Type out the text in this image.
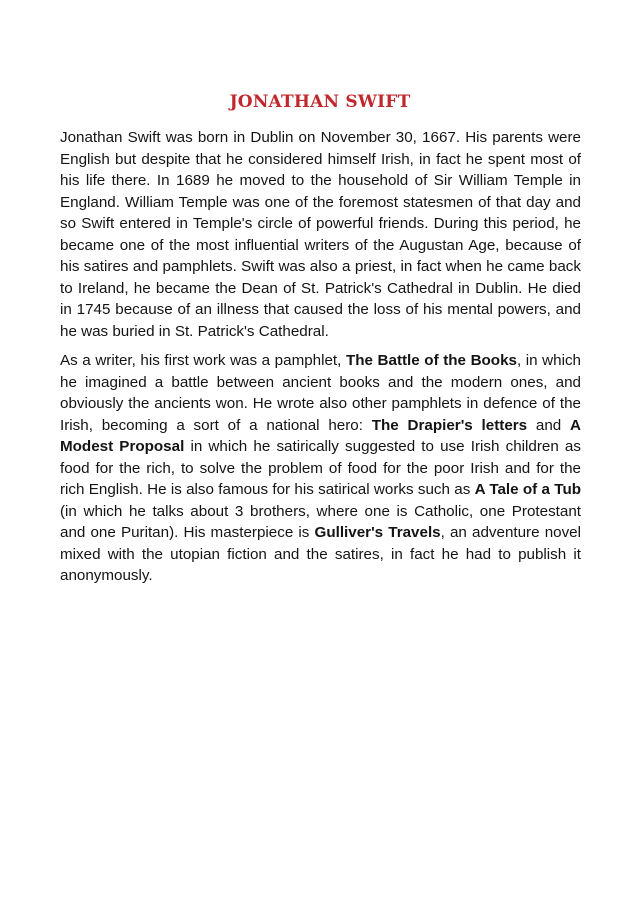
JONATHAN SWIFT

Jonathan Swift was born in Dublin on November 30, 1667. His parents were English but despite that he considered himself Irish, in fact he spent most of his life there. In 1689 he moved to the household of Sir William Temple in England. William Temple was one of the foremost statesmen of that day and so Swift entered in Temple's circle of powerful friends. During this period, he became one of the most influential writers of the Augustan Age, because of his satires and pamphlets. Swift was also a priest, in fact when he came back to Ireland, he became the Dean of St. Patrick's Cathedral in Dublin. He died in 1745 because of an illness that caused the loss of his mental powers, and he was buried in St. Patrick's Cathedral.

As a writer, his first work was a pamphlet, The Battle of the Books, in which he imagined a battle between ancient books and the modern ones, and obviously the ancients won. He wrote also other pamphlets in defence of the Irish, becoming a sort of a national hero: The Drapier's letters and A Modest Proposal in which he satirically suggested to use Irish children as food for the rich, to solve the problem of food for the poor Irish and for the rich English. He is also famous for his satirical works such as A Tale of a Tub (in which he talks about 3 brothers, where one is Catholic, one Protestant and one Puritan). His masterpiece is Gulliver's Travels, an adventure novel mixed with the utopian fiction and the satires, in fact he had to publish it anonymously.
